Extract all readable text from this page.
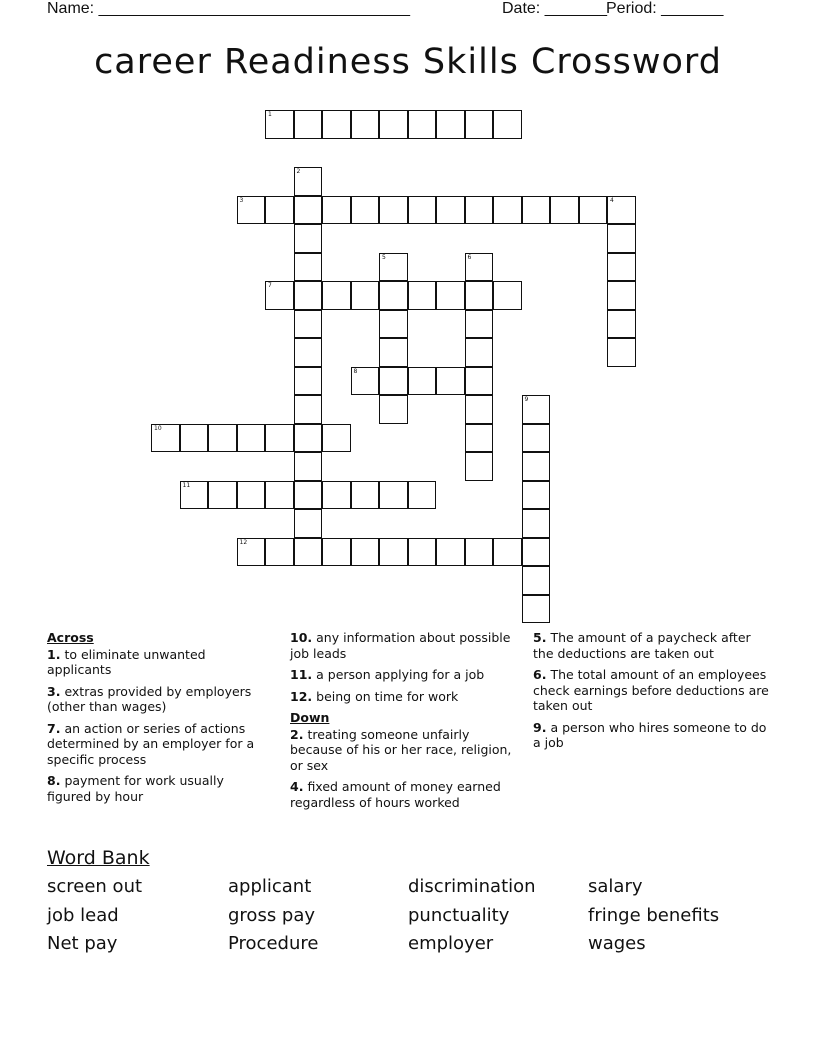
Name: ___________________________________	Date: _______ Period: _______
career Readiness Skills Crossword
1
2
3	4
5	6
7
8
9
10
11
12
Across
1. to eliminate unwanted applicants
3. extras provided by employers (other than wages)
7. an action or series of actions determined by an employer for a specific process
8. payment for work usually figured by hour
10. any information about possible job leads
11. a person applying for a job
12. being on time for work
Down
2. treating someone unfairly because of his or her race, religion, or sex
4. fixed amount of money earned regardless of hours worked
5. The amount of a paycheck after the deductions are taken out
6. The total amount of an employees check earnings before deductions are taken out
9. a person who hires someone to do a job
Word Bank
screen out	applicant	discrimination	salary
job lead	gross pay	punctuality	fringe benefits
Net pay	Procedure	employer	wages
